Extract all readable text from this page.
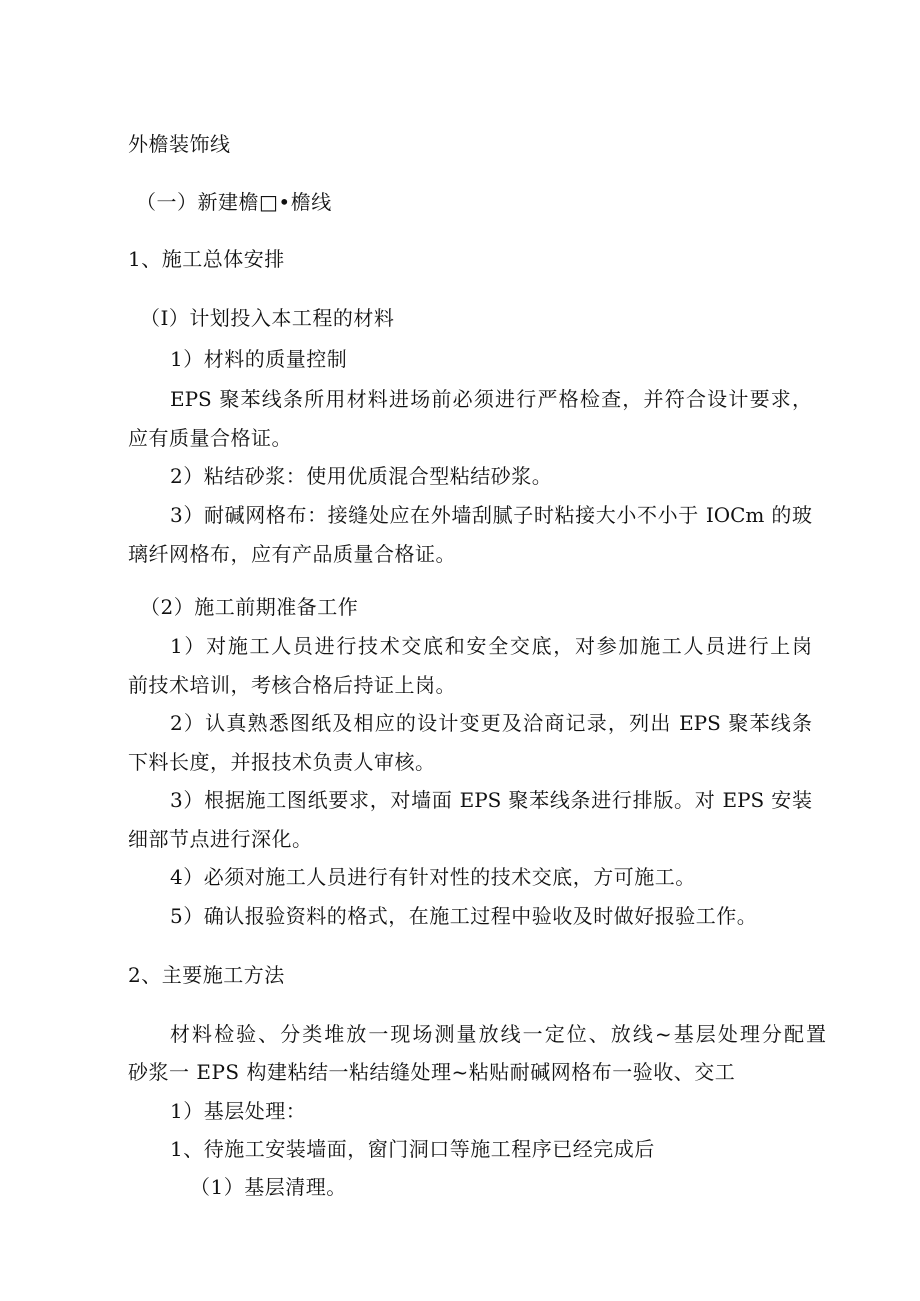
外檐装饰线
（一）新建檐□•檐线
1、施工总体安排
（I）计划投入本工程的材料
1）材料的质量控制
EPS 聚苯线条所用材料进场前必须进行严格检查，并符合设计要求，
应有质量合格证。
2）粘结砂浆：使用优质混合型粘结砂浆。
3）耐碱网格布：接缝处应在外墙刮腻子时粘接大小不小于 IOCm 的玻
璃纤网格布，应有产品质量合格证。
（2）施工前期准备工作
1）对施工人员进行技术交底和安全交底，对参加施工人员进行上岗
前技术培训，考核合格后持证上岗。
2）认真熟悉图纸及相应的设计变更及洽商记录，列出 EPS 聚苯线条
下料长度，并报技术负责人审核。
3）根据施工图纸要求，对墙面 EPS 聚苯线条进行排版。对 EPS 安装
细部节点进行深化。
4）必须对施工人员进行有针对性的技术交底，方可施工。
5）确认报验资料的格式，在施工过程中验收及时做好报验工作。
2、主要施工方法
材料检验、分类堆放一现场测量放线一定位、放线~基层处理分配置
砂浆一 EPS 构建粘结一粘结缝处理~粘贴耐碱网格布一验收、交工
1）基层处理：
1、待施工安装墙面，窗门洞口等施工程序已经完成后
（1）基层清理。
